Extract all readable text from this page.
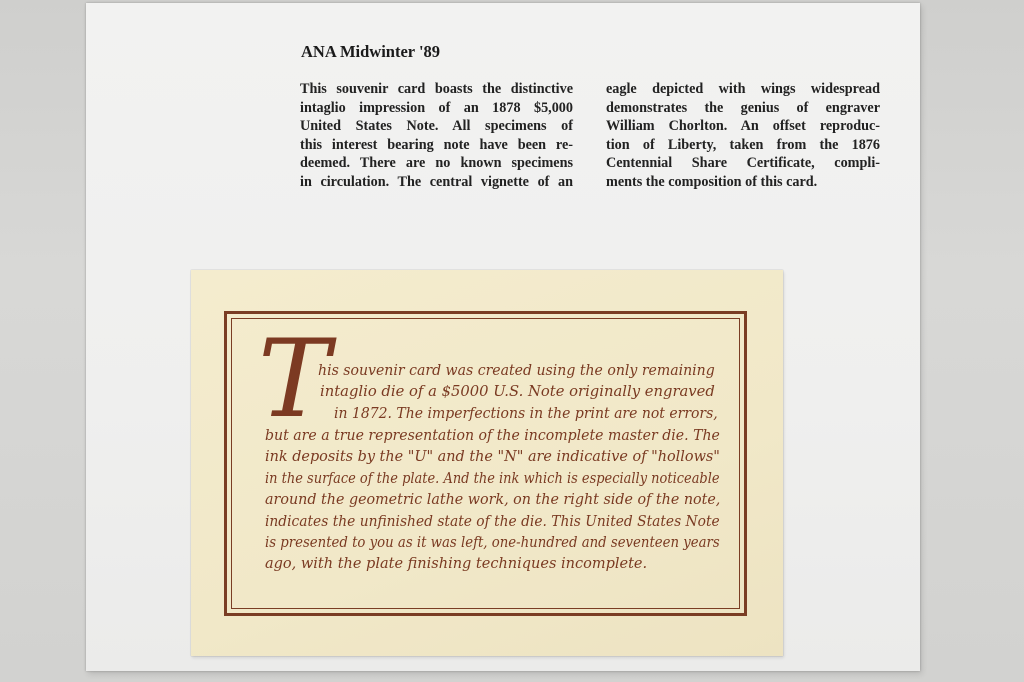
ANA Midwinter '89
This souvenir card boasts the distinctive
intaglio impression of an 1878 $5,000
United States Note. All specimens of
this interest bearing note have been re-
deemed. There are no known specimens
in circulation. The central vignette of an
eagle depicted with wings widespread
demonstrates the genius of engraver
William Chorlton. An offset reproduc-
tion of Liberty, taken from the 1876
Centennial Share Certificate, compli-
ments the composition of this card.
T
his souvenir card was created using the only remaining
intaglio die of a $5000 U.S. Note originally engraved
in 1872. The imperfections in the print are not errors,
but are a true representation of the incomplete master die. The
ink deposits by the "U" and the "N" are indicative of "hollows"
in the surface of the plate. And the ink which is especially noticeable
around the geometric lathe work, on the right side of the note,
indicates the unfinished state of the die. This United States Note
is presented to you as it was left, one-hundred and seventeen years
ago, with the plate finishing techniques incomplete.
